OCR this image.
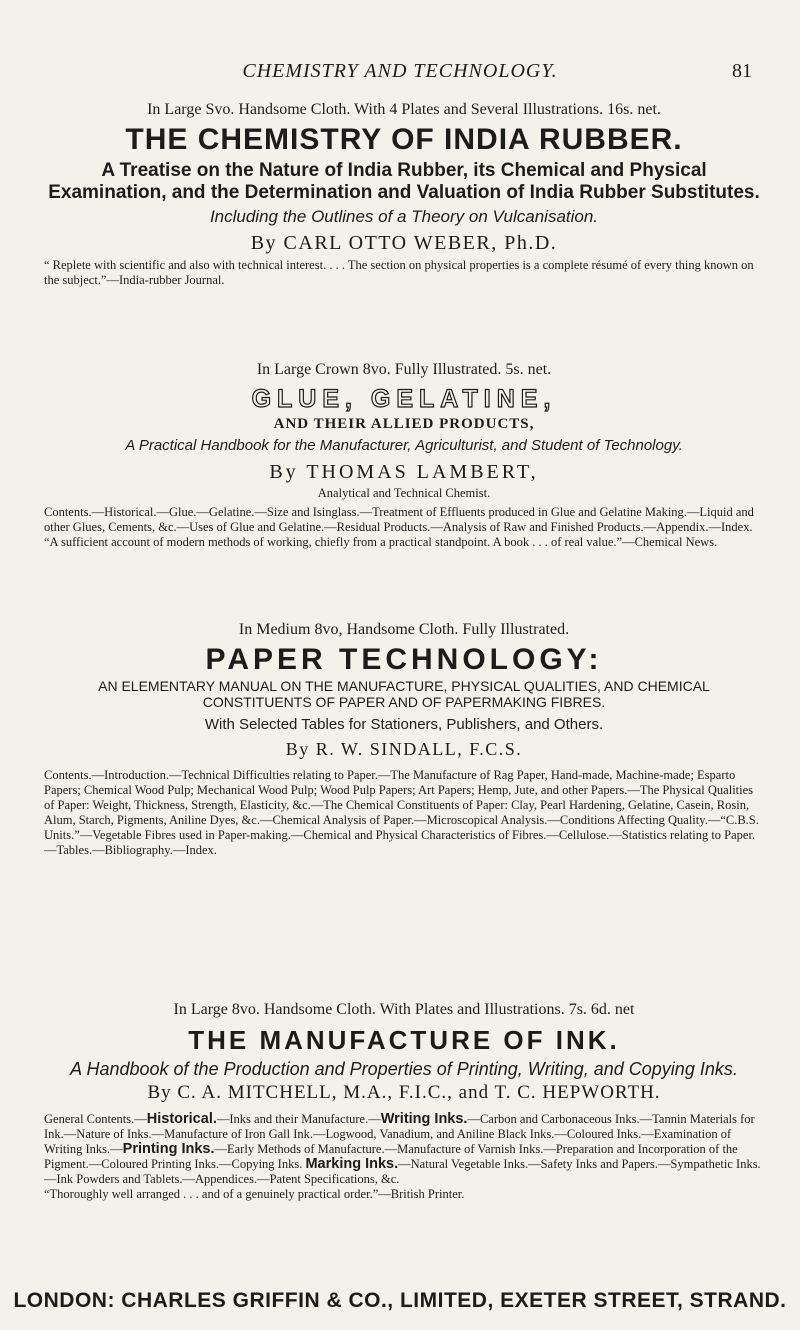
CHEMISTRY AND TECHNOLOGY.	81
In Large Svo. Handsome Cloth. With 4 Plates and Several Illustrations. 16s. net.
THE CHEMISTRY OF INDIA RUBBER.
A Treatise on the Nature of India Rubber, its Chemical and Physical Examination, and the Determination and Valuation of India Rubber Substitutes.
Including the Outlines of a Theory on Vulcanisation.
By CARL OTTO WEBER, Ph.D.
“ Replete with scientific and also with technical interest. . . . The section on physical properties is a complete résumé of every thing known on the subject.”—India-rubber Journal.
In Large Crown 8vo. Fully Illustrated. 5s. net.
GLUE, GELATINE,
AND THEIR ALLIED PRODUCTS,
A Practical Handbook for the Manufacturer, Agriculturist, and Student of Technology.
By THOMAS LAMBERT,
Analytical and Technical Chemist.
Contents.—Historical.—Glue.—Gelatine.—Size and Isinglass.—Treatment of Effluents produced in Glue and Gelatine Making.—Liquid and other Glues, Cements, &c.—Uses of Glue and Gelatine.—Residual Products.—Analysis of Raw and Finished Products.—Appendix.—Index.
“A sufficient account of modern methods of working, chiefly from a practical standpoint. A book . . . of real value.”—Chemical News.
In Medium 8vo, Handsome Cloth. Fully Illustrated.
PAPER TECHNOLOGY:
AN ELEMENTARY MANUAL ON THE MANUFACTURE, PHYSICAL QUALITIES, AND CHEMICAL CONSTITUENTS OF PAPER AND OF PAPERMAKING FIBRES.
With Selected Tables for Stationers, Publishers, and Others.
By R. W. SINDALL, F.C.S.
Contents.—Introduction.—Technical Difficulties relating to Paper.—The Manufacture of Rag Paper, Hand-made, Machine-made; Esparto Papers; Chemical Wood Pulp; Mechanical Wood Pulp; Wood Pulp Papers; Art Papers; Hemp, Jute, and other Papers.—The Physical Qualities of Paper: Weight, Thickness, Strength, Elasticity, &c.—The Chemical Constituents of Paper: Clay, Pearl Hardening, Gelatine, Casein, Rosin, Alum, Starch, Pigments, Aniline Dyes, &c.—Chemical Analysis of Paper.—Microscopical Analysis.—Conditions Affecting Quality.—“C.B.S. Units.”—Vegetable Fibres used in Paper-making.—Chemical and Physical Characteristics of Fibres.—Cellulose.—Statistics relating to Paper.—Tables.—Bibliography.—Index.
In Large 8vo. Handsome Cloth. With Plates and Illustrations. 7s. 6d. net
THE MANUFACTURE OF INK.
A Handbook of the Production and Properties of Printing, Writing, and Copying Inks.
By C. A. MITCHELL, M.A., F.I.C., and T. C. HEPWORTH.
General Contents.—Historical.—Inks and their Manufacture.—Writing Inks.—Carbon and Carbonaceous Inks.—Tannin Materials for Ink.—Nature of Inks.—Manufacture of Iron Gall Ink.—Logwood, Vanadium, and Aniline Black Inks.—Coloured Inks.—Examination of Writing Inks.—Printing Inks.—Early Methods of Manufacture.—Manufacture of Varnish Inks.—Preparation and Incorporation of the Pigment.—Coloured Printing Inks.—Copying Inks. Marking Inks.—Natural Vegetable Inks.—Safety Inks and Papers.—Sympathetic Inks.—Ink Powders and Tablets.—Appendices.—Patent Specifications, &c.
“Thoroughly well arranged . . . and of a genuinely practical order.”—British Printer.
LONDON: CHARLES GRIFFIN & CO., LIMITED, EXETER STREET, STRAND.
